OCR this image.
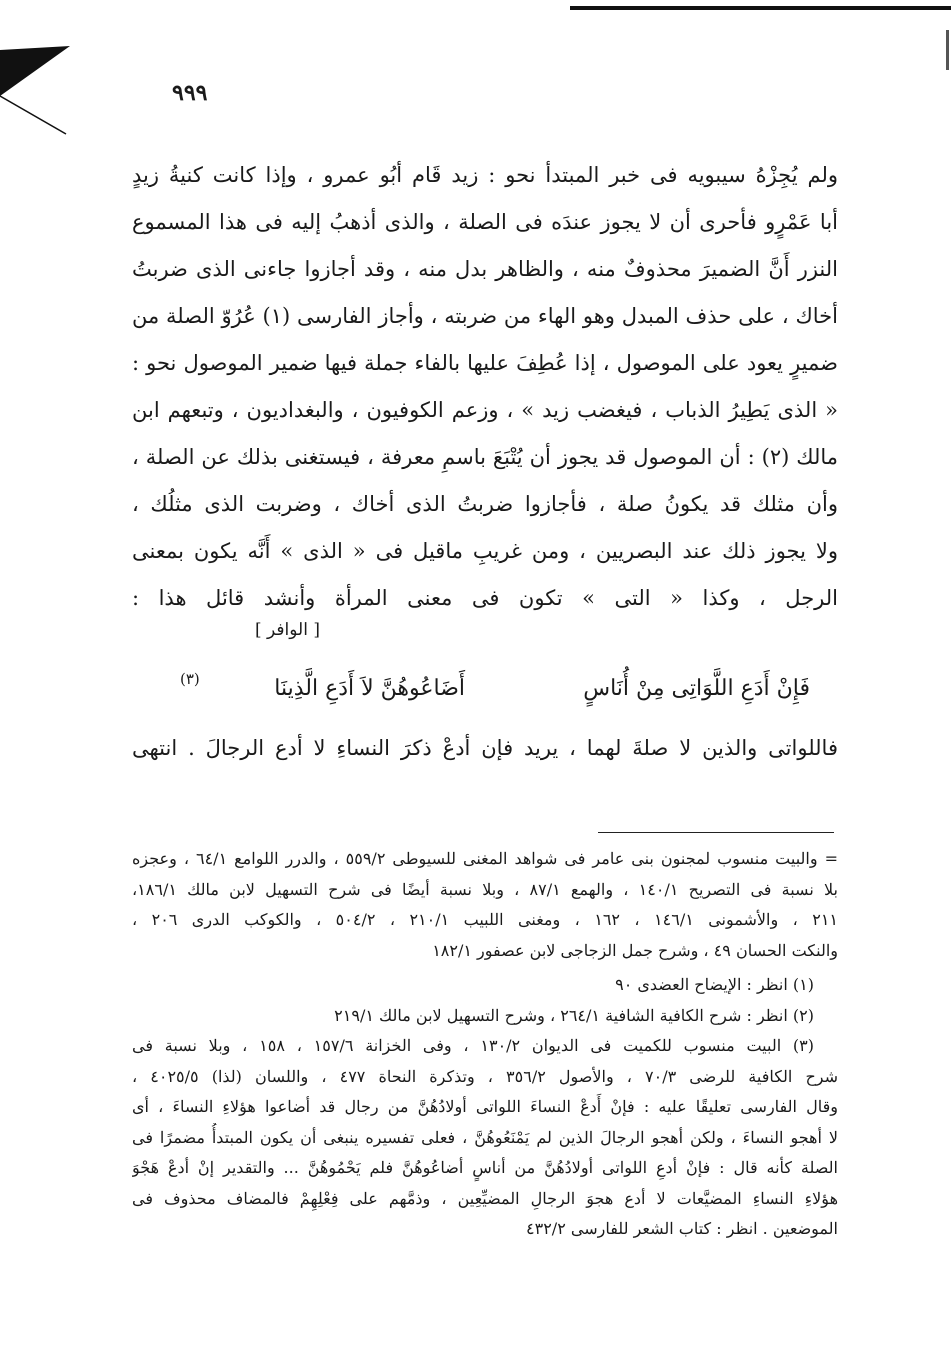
٩٩٩
ولم يُجِزْهُ سيبويه فى خبر المبتدأ نحو : زيد قَام أبُو عمرو ، وإذا كانت كنيةُ زيدٍ
أبا عَمْرٍو فأحرى أن لا يجوز عندَه فى الصلة ، والذى أذهبُ إليه فى هذا المسموع
النزر أَنَّ الضميرَ محذوفٌ منه ، والظاهر بدل منه ، وقد أجازوا جاءنى الذى ضربتُ
أخاك ، على حذف المبدل وهو الهاء من ضربته ، وأجاز الفارسى (١) عُرُوّ الصلة من
ضميرٍ يعود على الموصول ، إذا عُطِفَ عليها بالفاء جملة فيها ضمير الموصول نحو :
« الذى يَطِيرُ الذباب ، فيغضب زيد » ، وزعم الكوفيون ، والبغداديون ، وتبعهم ابن
مالك (٢) : أن الموصول قد يجوز أن يُتْبَعَ باسمِ معرفة ، فيستغنى بذلك عن الصلة ،
وأن مثلك قد يكونُ صلة ، فأجازوا ضربتُ الذى أخاك ، وضربت الذى مثلُك ،
ولا يجوز ذلك عند البصريين ، ومن غريبِ ماقيل فى « الذى » أَنَّه يكون بمعنى
الرجل ، وكذا « التى » تكون فى معنى المرأة وأنشد قائل هذا :
[ الوافر ]
فَإِنْ أَدَعِ اللَّوَاتِى مِنْ أُنَاسٍ
أَضَاعُوهُنَّ لاَ أَدَعِ الَّذِينَا
(٣)
فاللواتى والذين لا صلةَ لهما ، يريد فإن أدعْ ذكرَ النساءِ لا أدع الرجالَ . انتهى
= والبيت منسوب لمجنون بنى عامر فى شواهد المغنى للسيوطى ٥٥٩/٢ ، والدرر اللوامع ٦٤/١ ، وعجزه
بلا نسبة فى التصريح ١٤٠/١ ، والهمع ٨٧/١ ، وبلا نسبة أيضًا فى شرح التسهيل لابن مالك ١٨٦/١،
٢١١ ، والأشمونى ١٤٦/١ ، ١٦٢ ، ومغنى اللبيب ٢١٠/١ ، ٥٠٤/٢ ، والكوكب الدرى ٢٠٦ ،
والنكت الحسان ٤٩ ، وشرح جمل الزجاجى لابن عصفور ١٨٢/١
(١) انظر : الإيضاح العضدى ٩٠
(٢) انظر : شرح الكافية الشافية ٢٦٤/١ ، وشرح التسهيل لابن مالك ٢١٩/١
(٣) البيت منسوب للكميت فى الديوان ١٣٠/٢ ، وفى الخزانة ١٥٧/٦ ، ١٥٨ ، وبلا نسبة فى
شرح الكافية للرضى ٧٠/٣ ، والأصول ٣٥٦/٢ ، وتذكرة النحاة ٤٧٧ ، واللسان (لذا) ٤٠٢٥/٥ ،
وقال الفارسى تعليقًا عليه : فإنْ أَدعْ النساءَ اللواتى أولادُهُنَّ من رجال قد أضاعوا هؤلاءِ النساءَ ، أى
لا أهجو النساءَ ، ولكن أهجو الرجالَ الذين لم يَمْنَعُوهُنَّ ، فعلى تفسيره ينبغى أن يكون المبتدأُ مضمرًا فى
الصلة كأنه قال : فإنْ أدعِ اللواتى أولادُهُنَّ من أناسٍ أضاعُوهُنَّ فلم يَحْمُوهُنَّ ... والتقدير إنْ أدعْ هَجْوَ
هؤلاءِ النساءِ المضيَّعات لا أدع هجوَ الرجالِ المضيِّعِين ، وذمَّهم على فِعْلِهِمْ فالمضاف محذوف فى
الموضعين . انظر : كتاب الشعر للفارسى ٤٣٢/٢
